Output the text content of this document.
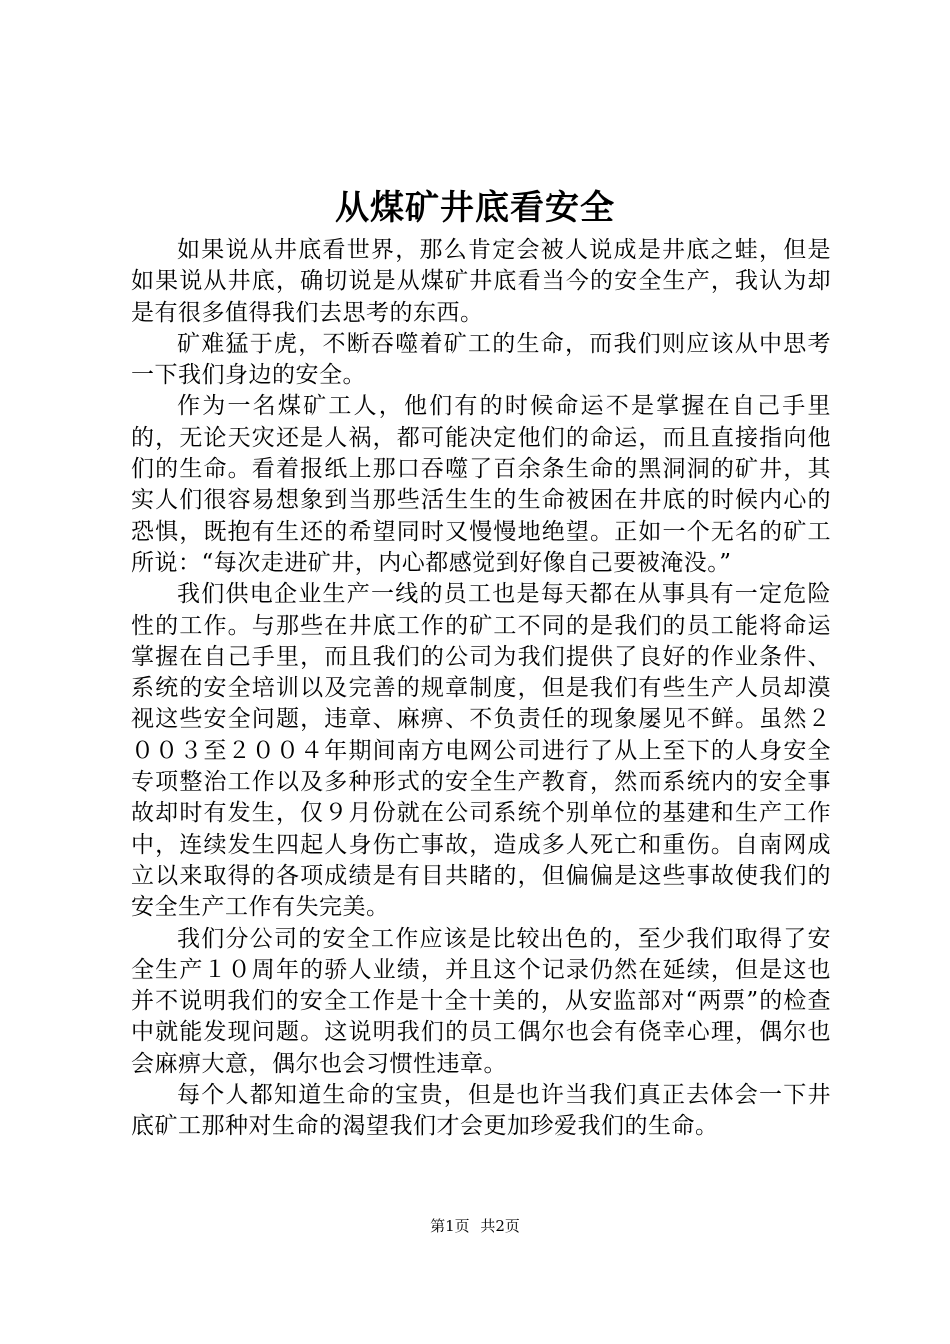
从煤矿井底看安全

如果说从井底看世界，那么肯定会被人说成是井底之蛙，但是如果说从井底，确切说是从煤矿井底看当今的安全生产，我认为却是有很多值得我们去思考的东西。

矿难猛于虎，不断吞噬着矿工的生命，而我们则应该从中思考一下我们身边的安全。

作为一名煤矿工人，他们有的时候命运不是掌握在自己手里的，无论天灾还是人祸，都可能决定他们的命运，而且直接指向他们的生命。看着报纸上那口吞噬了百余条生命的黑洞洞的矿井，其实人们很容易想象到当那些活生生的生命被困在井底的时候内心的恐惧，既抱有生还的希望同时又慢慢地绝望。正如一个无名的矿工所说：“每次走进矿井，内心都感觉到好像自己要被淹没。”

我们供电企业生产一线的员工也是每天都在从事具有一定危险性的工作。与那些在井底工作的矿工不同的是我们的员工能将命运掌握在自己手里，而且我们的公司为我们提供了良好的作业条件、系统的安全培训以及完善的规章制度，但是我们有些生产人员却漠视这些安全问题，违章、麻痹、不负责任的现象屡见不鲜。虽然２００３至２００４年期间南方电网公司进行了从上至下的人身安全专项整治工作以及多种形式的安全生产教育，然而系统内的安全事故却时有发生，仅９月份就在公司系统个别单位的基建和生产工作中，连续发生四起人身伤亡事故，造成多人死亡和重伤。自南网成立以来取得的各项成绩是有目共睹的，但偏偏是这些事故使我们的安全生产工作有失完美。

我们分公司的安全工作应该是比较出色的，至少我们取得了安全生产１０周年的骄人业绩，并且这个记录仍然在延续，但是这也并不说明我们的安全工作是十全十美的，从安监部对“两票”的检查中就能发现问题。这说明我们的员工偶尔也会有侥幸心理，偶尔也会麻痹大意，偶尔也会习惯性违章。

每个人都知道生命的宝贵，但是也许当我们真正去体会一下井底矿工那种对生命的渴望我们才会更加珍爱我们的生命。

第1页 共2页
